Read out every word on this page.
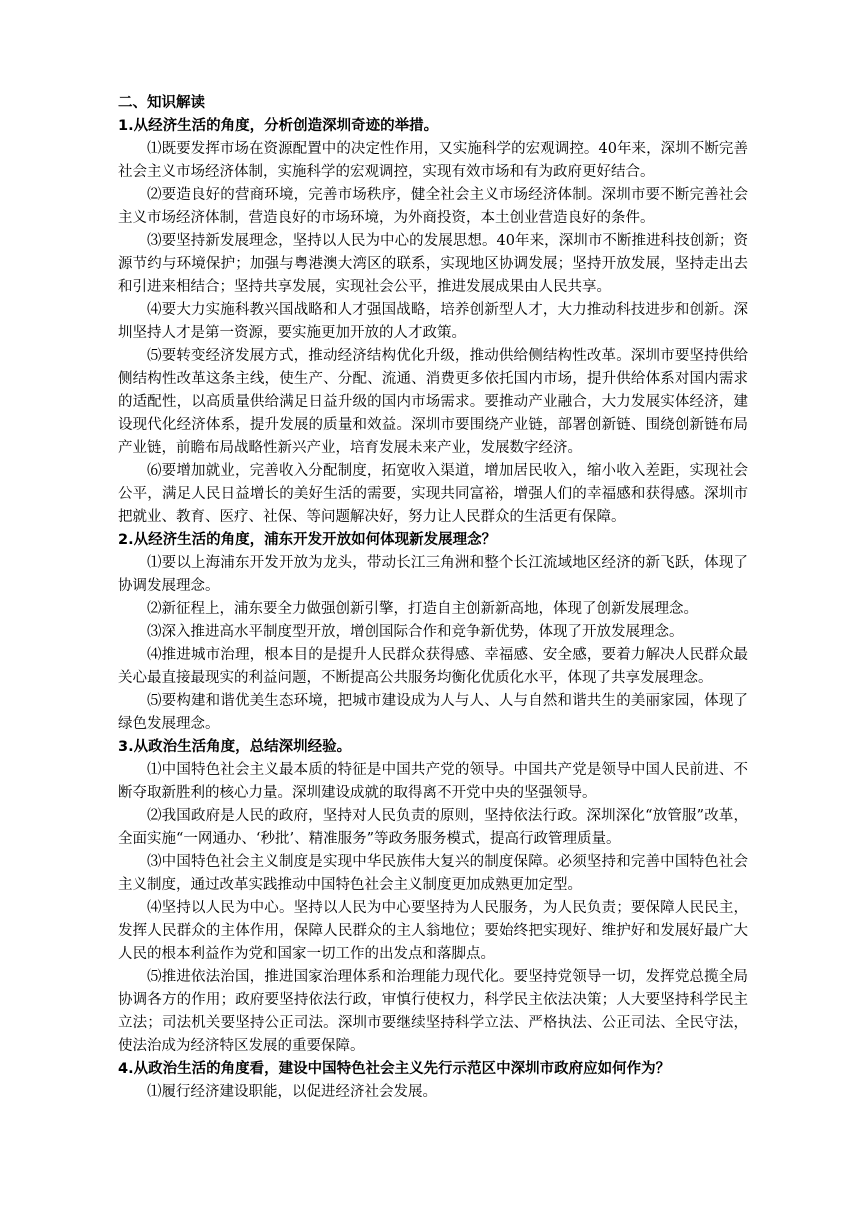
二、知识解读

1.从经济生活的角度，分析创造深圳奇迹的举措。

⑴既要发挥市场在资源配置中的决定性作用，又实施科学的宏观调控。40年来，深圳不断完善社会主义市场经济体制，实施科学的宏观调控，实现有效市场和有为政府更好结合。

⑵要造良好的营商环境，完善市场秩序，健全社会主义市场经济体制。深圳市要不断完善社会主义市场经济体制，营造良好的市场环境，为外商投资，本土创业营造良好的条件。

⑶要坚持新发展理念，坚持以人民为中心的发展思想。40年来，深圳市不断推进科技创新；资源节约与环境保护；加强与粤港澳大湾区的联系，实现地区协调发展；坚持开放发展，坚持走出去和引进来相结合；坚持共享发展，实现社会公平，推进发展成果由人民共享。

⑷要大力实施科教兴国战略和人才强国战略，培养创新型人才，大力推动科技进步和创新。深圳坚持人才是第一资源，要实施更加开放的人才政策。

⑸要转变经济发展方式，推动经济结构优化升级，推动供给侧结构性改革。深圳市要坚持供给侧结构性改革这条主线，使生产、分配、流通、消费更多依托国内市场，提升供给体系对国内需求的适配性，以高质量供给满足日益升级的国内市场需求。要推动产业融合，大力发展实体经济，建设现代化经济体系，提升发展的质量和效益。深圳市要围绕产业链，部署创新链、围绕创新链布局产业链，前瞻布局战略性新兴产业，培育发展未来产业，发展数字经济。

⑹要增加就业，完善收入分配制度，拓宽收入渠道，增加居民收入，缩小收入差距，实现社会公平，满足人民日益增长的美好生活的需要，实现共同富裕，增强人们的幸福感和获得感。深圳市把就业、教育、医疗、社保、等问题解决好，努力让人民群众的生活更有保障。

2.从经济生活的角度，浦东开发开放如何体现新发展理念？

⑴要以上海浦东开发开放为龙头，带动长江三角洲和整个长江流域地区经济的新飞跃，体现了协调发展理念。

⑵新征程上，浦东要全力做强创新引擎，打造自主创新新高地，体现了创新发展理念。

⑶深入推进高水平制度型开放，增创国际合作和竞争新优势，体现了开放发展理念。

⑷推进城市治理，根本目的是提升人民群众获得感、幸福感、安全感，要着力解决人民群众最关心最直接最现实的利益问题，不断提高公共服务均衡化优质化水平，体现了共享发展理念。

⑸要构建和谐优美生态环境，把城市建设成为人与人、人与自然和谐共生的美丽家园，体现了绿色发展理念。

3.从政治生活角度，总结深圳经验。

⑴中国特色社会主义最本质的特征是中国共产党的领导。中国共产党是领导中国人民前进、不断夺取新胜利的核心力量。深圳建设成就的取得离不开党中央的坚强领导。

⑵我国政府是人民的政府，坚持对人民负责的原则，坚持依法行政。深圳深化“放管服”改革，全面实施“一网通办、‘秒批’、精准服务”等政务服务模式，提高行政管理质量。

⑶中国特色社会主义制度是实现中华民族伟大复兴的制度保障。必须坚持和完善中国特色社会主义制度，通过改革实践推动中国特色社会主义制度更加成熟更加定型。

⑷坚持以人民为中心。坚持以人民为中心要坚持为人民服务，为人民负责；要保障人民民主，发挥人民群众的主体作用，保障人民群众的主人翁地位；要始终把实现好、维护好和发展好最广大人民的根本利益作为党和国家一切工作的出发点和落脚点。

⑸推进依法治国，推进国家治理体系和治理能力现代化。要坚持党领导一切，发挥党总揽全局协调各方的作用；政府要坚持依法行政，审慎行使权力，科学民主依法决策；人大要坚持科学民主立法；司法机关要坚持公正司法。深圳市要继续坚持科学立法、严格执法、公正司法、全民守法，使法治成为经济特区发展的重要保障。

4.从政治生活的角度看，建设中国特色社会主义先行示范区中深圳市政府应如何作为？

⑴履行经济建设职能，以促进经济社会发展。
